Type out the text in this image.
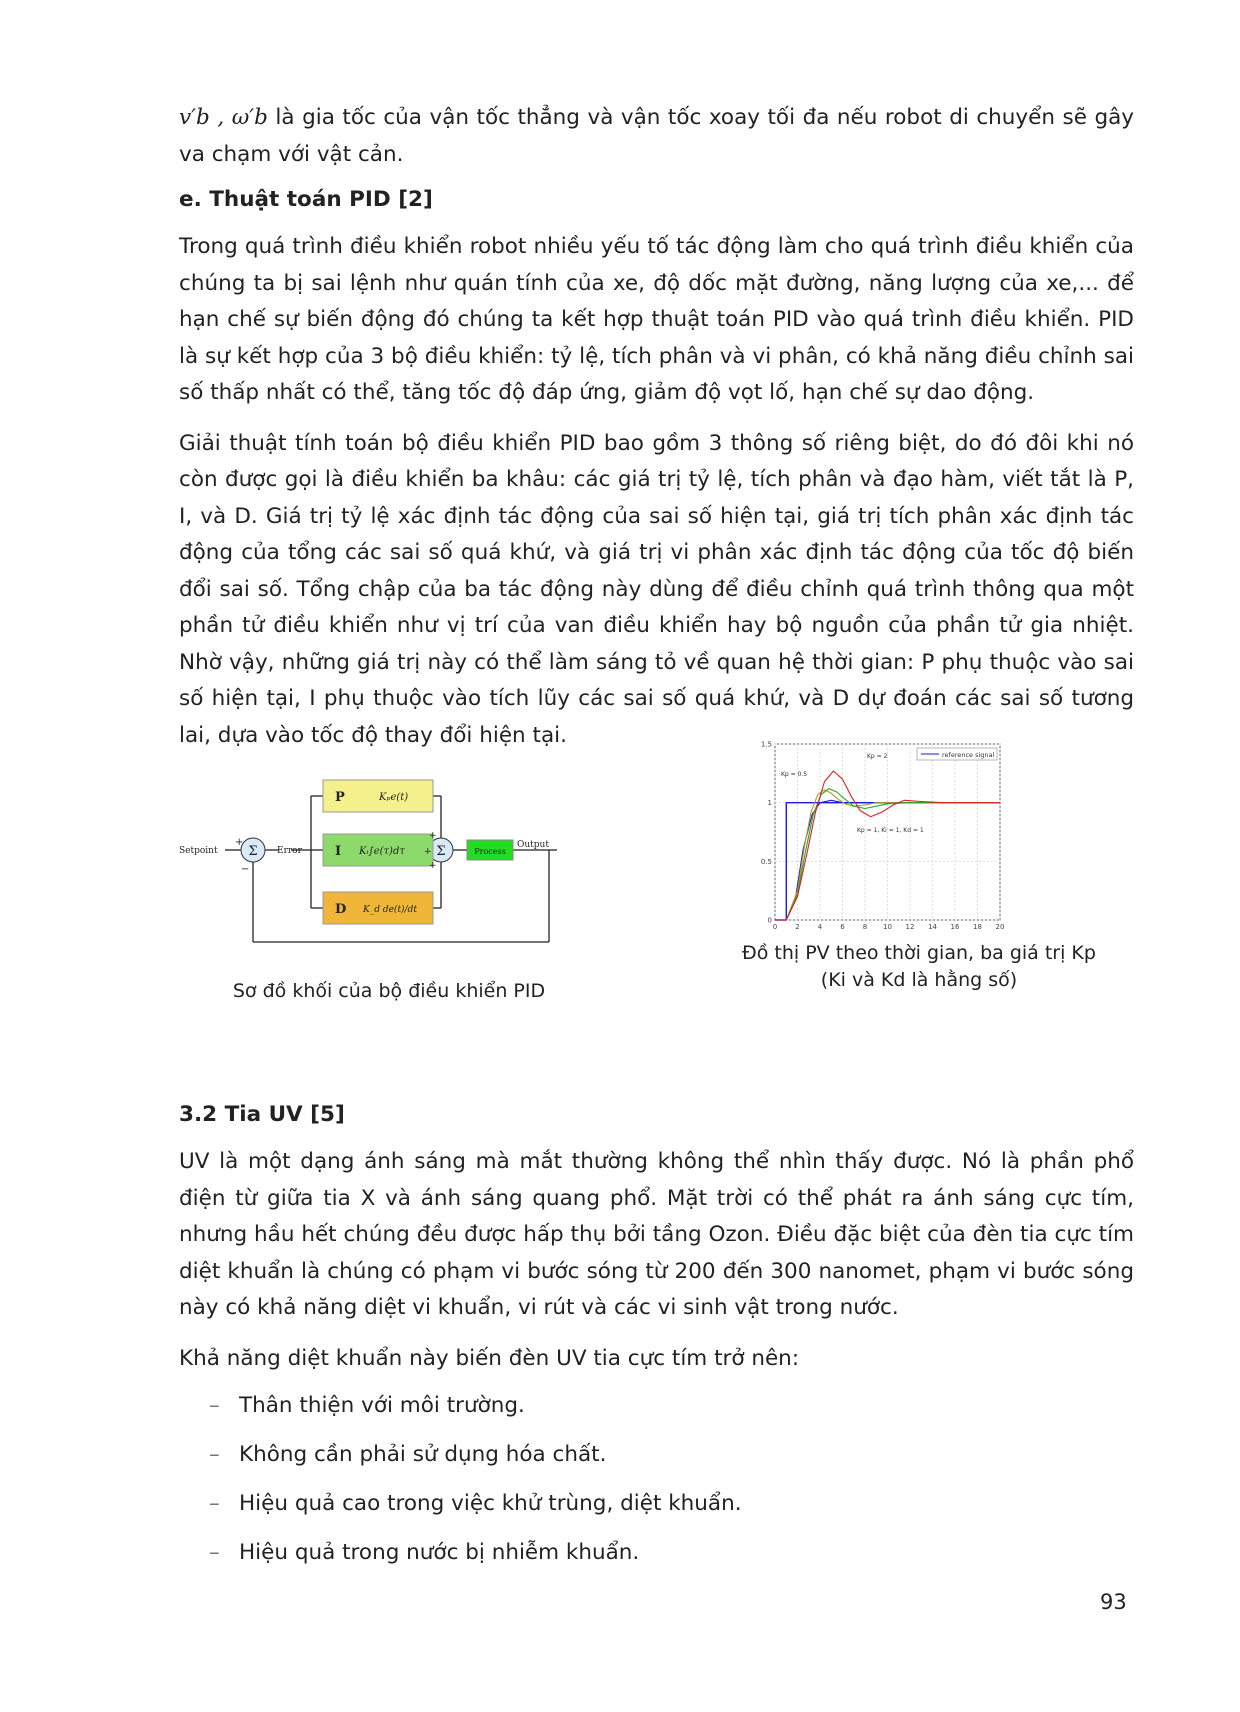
v′b , ω′b là gia tốc của vận tốc thẳng và vận tốc xoay tối đa nếu robot di chuyển sẽ gây va chạm với vật cản.

e. Thuật toán PID [2]

Trong quá trình điều khiển robot nhiều yếu tố tác động làm cho quá trình điều khiển của chúng ta bị sai lệnh như quán tính của xe, độ dốc mặt đường, năng lượng của xe,... để hạn chế sự biến động đó chúng ta kết hợp thuật toán PID vào quá trình điều khiển. PID là sự kết hợp của 3 bộ điều khiển: tỷ lệ, tích phân và vi phân, có khả năng điều chỉnh sai số thấp nhất có thể, tăng tốc độ đáp ứng, giảm độ vọt lố, hạn chế sự dao động.

Giải thuật tính toán bộ điều khiển PID bao gồm 3 thông số riêng biệt, do đó đôi khi nó còn được gọi là điều khiển ba khâu: các giá trị tỷ lệ, tích phân và đạo hàm, viết tắt là P, I, và D. Giá trị tỷ lệ xác định tác động của sai số hiện tại, giá trị tích phân xác định tác động của tổng các sai số quá khứ, và giá trị vi phân xác định tác động của tốc độ biến đổi sai số. Tổng chập của ba tác động này dùng để điều chỉnh quá trình thông qua một phần tử điều khiển như vị trí của van điều khiển hay bộ nguồn của phần tử gia nhiệt. Nhờ vậy, những giá trị này có thể làm sáng tỏ về quan hệ thời gian: P phụ thuộc vào sai số hiện tại, I phụ thuộc vào tích lũy các sai số quá khứ, và D dự đoán các sai số tương lai, dựa vào tốc độ thay đổi hiện tại.

Σ	Σ
Setpoint	Error
Output
Process
+
−
+
+
+
P
I
D
Kₚe(t)
Kᵢ∫e(τ)dτ
K_d de(t)/dt
Sơ đồ khối của bộ điều khiển PID
0	2	4	6	8 10 12 14 16 18 20
0
0.5
1
1.5
reference signal
Kp = 2
Kp = 0.5
Kp = 1, Ki = 1, Kd = 1
Đồ thị PV theo thời gian, ba giá trị Kp
(Ki và Kd là hằng số)
3.2 Tia UV [5]

UV là một dạng ánh sáng mà mắt thường không thể nhìn thấy được. Nó là phần phổ điện từ giữa tia X và ánh sáng quang phổ. Mặt trời có thể phát ra ánh sáng cực tím, nhưng hầu hết chúng đều được hấp thụ bởi tầng Ozon. Điều đặc biệt của đèn tia cực tím diệt khuẩn là chúng có phạm vi bước sóng từ 200 đến 300 nanomet, phạm vi bước sóng này có khả năng diệt vi khuẩn, vi rút và các vi sinh vật trong nước.

Khả năng diệt khuẩn này biến đèn UV tia cực tím trở nên:

– Thân thiện với môi trường.
– Không cần phải sử dụng hóa chất.
– Hiệu quả cao trong việc khử trùng, diệt khuẩn.
– Hiệu quả trong nước bị nhiễm khuẩn.
93
